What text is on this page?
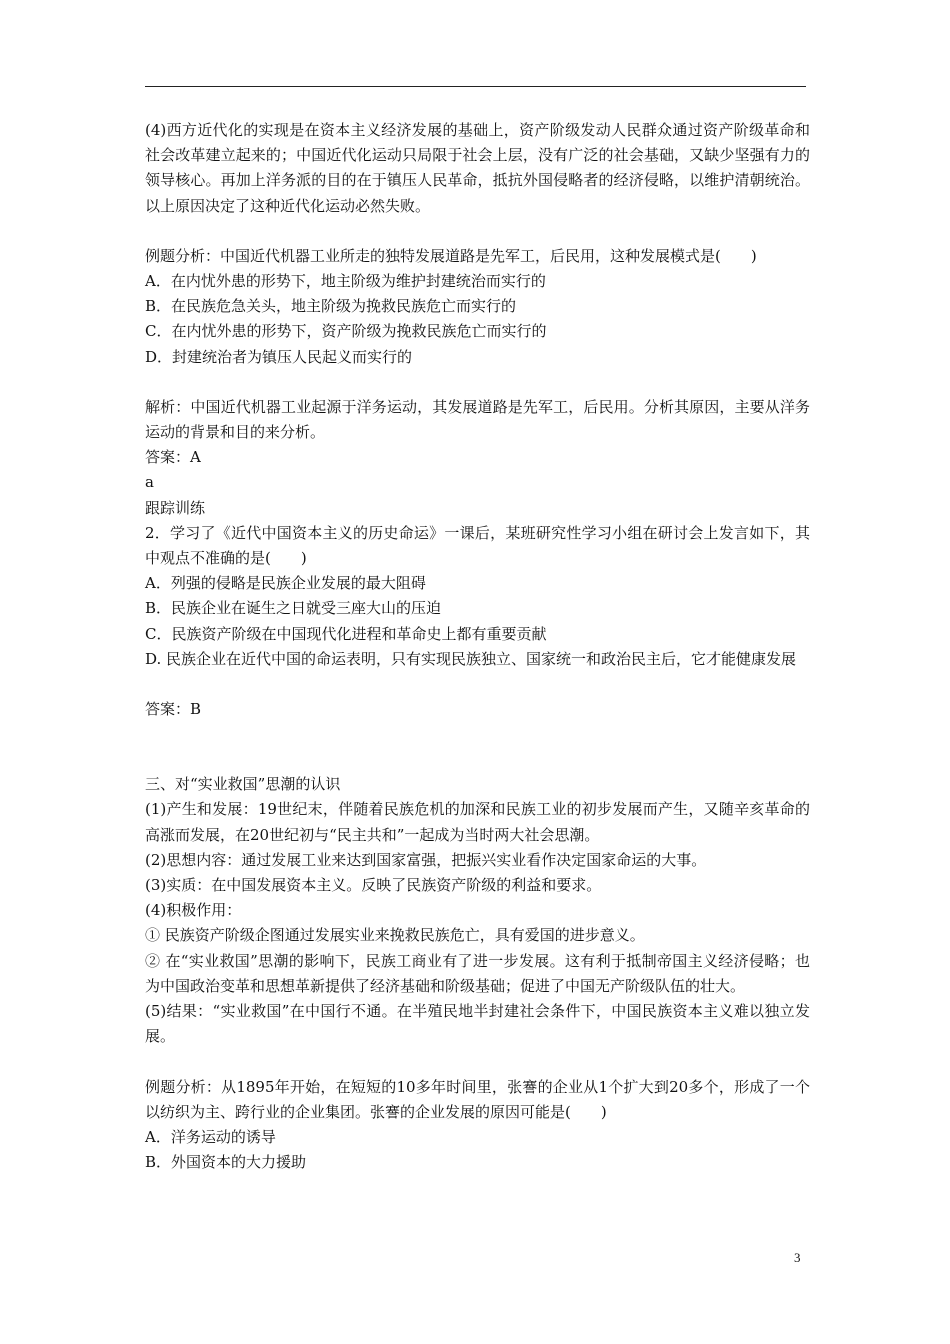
(4)西方近代化的实现是在资本主义经济发展的基础上，资产阶级发动人民群众通过资产阶级革命和社会改革建立起来的；中国近代化运动只局限于社会上层，没有广泛的社会基础，又缺少坚强有力的领导核心。再加上洋务派的目的在于镇压人民革命，抵抗外国侵略者的经济侵略，以维护清朝统治。以上原因决定了这种近代化运动必然失败。

例题分析：中国近代机器工业所走的独特发展道路是先军工，后民用，这种发展模式是(　　)

A．在内忧外患的形势下，地主阶级为维护封建统治而实行的

B．在民族危急关头，地主阶级为挽救民族危亡而实行的

C．在内忧外患的形势下，资产阶级为挽救民族危亡而实行的

D．封建统治者为镇压人民起义而实行的

解析：中国近代机器工业起源于洋务运动，其发展道路是先军工，后民用。分析其原因，主要从洋务运动的背景和目的来分析。

答案：A

a

跟踪训练

2．学习了《近代中国资本主义的历史命运》一课后，某班研究性学习小组在研讨会上发言如下，其中观点不准确的是(　　)

A．列强的侵略是民族企业发展的最大阻碍

B．民族企业在诞生之日就受三座大山的压迫

C．民族资产阶级在中国现代化进程和革命史上都有重要贡献

D. 民族企业在近代中国的命运表明，只有实现民族独立、国家统一和政治民主后，它才能健康发展

答案：B

三、对“实业救国”思潮的认识

(1)产生和发展：19世纪末，伴随着民族危机的加深和民族工业的初步发展而产生，又随辛亥革命的高涨而发展，在20世纪初与“民主共和”一起成为当时两大社会思潮。

(2)思想内容：通过发展工业来达到国家富强，把振兴实业看作决定国家命运的大事。

(3)实质：在中国发展资本主义。反映了民族资产阶级的利益和要求。

(4)积极作用：

① 民族资产阶级企图通过发展实业来挽救民族危亡，具有爱国的进步意义。

② 在“实业救国”思潮的影响下，民族工商业有了进一步发展。这有利于抵制帝国主义经济侵略；也为中国政治变革和思想革新提供了经济基础和阶级基础；促进了中国无产阶级队伍的壮大。

(5)结果：“实业救国”在中国行不通。在半殖民地半封建社会条件下，中国民族资本主义难以独立发展。

例题分析：从1895年开始，在短短的10多年时间里，张謇的企业从1个扩大到20多个，形成了一个以纺织为主、跨行业的企业集团。张謇的企业发展的原因可能是(　　)

A．洋务运动的诱导

B．外国资本的大力援助

3
